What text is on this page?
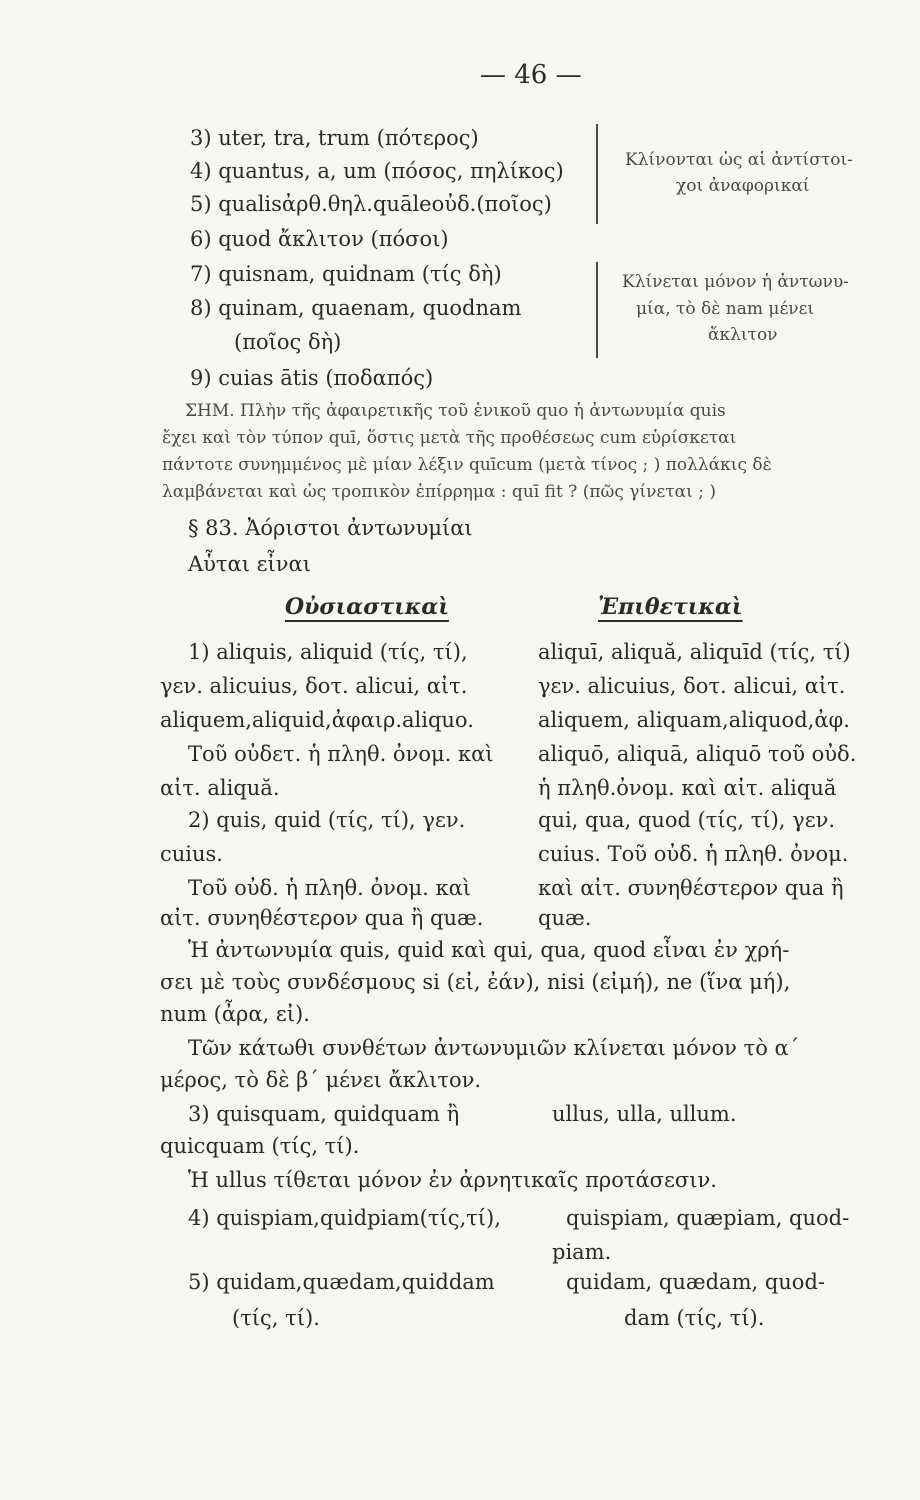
— 46 —
3) uter, tra, trum (πότερος)
4) quantus, a, um (πόσος, πηλίκος)
5) qualisἀρθ.θηλ.quāleοὐδ.(ποῖος)
6) quod ἄκλιτον (πόσοι)
7) quisnam, quidnam (τίς δὴ)
8) quinam, quaenam, quodnam
(ποῖος δὴ)
9) cuias ātis (ποδαπός)
Κλίνονται ὡς αἱ ἀντίστοι-
χοι ἀναφορικαί
Κλίνεται μόνον ἡ ἀντωνυ-
μία, τὸ δὲ nam μένει
ἄκλιτον
ΣΗΜ. Πλὴν τῆς ἀφαιρετικῆς τοῦ ἑνικοῦ quo ἡ ἀντωνυμία quis
ἔχει καὶ τὸν τύπον quī, ὅστις μετὰ τῆς προθέσεως cum εὑρίσκεται
πάντοτε συνημμένος μὲ μίαν λέξιν quīcum (μετὰ τίνος ; ) πολλάκις δὲ
λαμβάνεται καὶ ὡς τροπικὸν ἐπίρρημα : quī fit ? (πῶς γίνεται ; )
§ 83. Ἀόριστοι ἀντωνυμίαι
Αὗται εἶναι
Οὐσιαστικαὶ	Ἐπιθετικαὶ
1) aliquis, aliquid (τίς, τί),
γεν. alicuius, δοτ. alicui, αἰτ.
aliquem,aliquid,ἀφαιρ.aliquo.
Τοῦ οὐδετ. ἡ πληθ. ὀνομ. καὶ
αἰτ. aliquă.
2) quis, quid (τίς, τί), γεν.
cuius.
Τοῦ οὐδ. ἡ πληθ. ὀνομ. καὶ
αἰτ. συνηθέστερον qua ἢ quæ.
aliquī, aliquă, aliquīd (τίς, τί)
γεν. alicuius, δοτ. alicui, αἰτ.
aliquem, aliquam,aliquod,ἀφ.
aliquō, aliquā, aliquō τοῦ οὐδ.
ἡ πληθ.ὀνομ. καὶ αἰτ. aliquă
qui, qua, quod (τίς, τί), γεν.
cuius. Τοῦ οὐδ. ἡ πληθ. ὀνομ.
καὶ αἰτ. συνηθέστερον qua ἢ
quæ.
Ἡ ἀντωνυμία quis, quid καὶ qui, qua, quod εἶναι ἐν χρή-
σει μὲ τοὺς συνδέσμους si (εἰ, ἐάν), nisi (εἰμή), ne (ἵνα μή),
num (ἆρα, εἰ).
Τῶν κάτωθι συνθέτων ἀντωνυμιῶν κλίνεται μόνον τὸ α´
μέρος, τὸ δὲ β´ μένει ἄκλιτον.
3) quisquam, quidquam ἢ
quicquam (τίς, τί).
ullus, ulla, ullum.
Ἡ ullus τίθεται μόνον ἐν ἀρνητικαῖς προτάσεσιν.
4) quispiam,quidpiam(τίς,τί),	quispiam, quæpiam, quod-
piam.
5) quidam,quædam,quiddam
(τίς, τί).
quidam, quædam, quod-
dam (τίς, τί).
